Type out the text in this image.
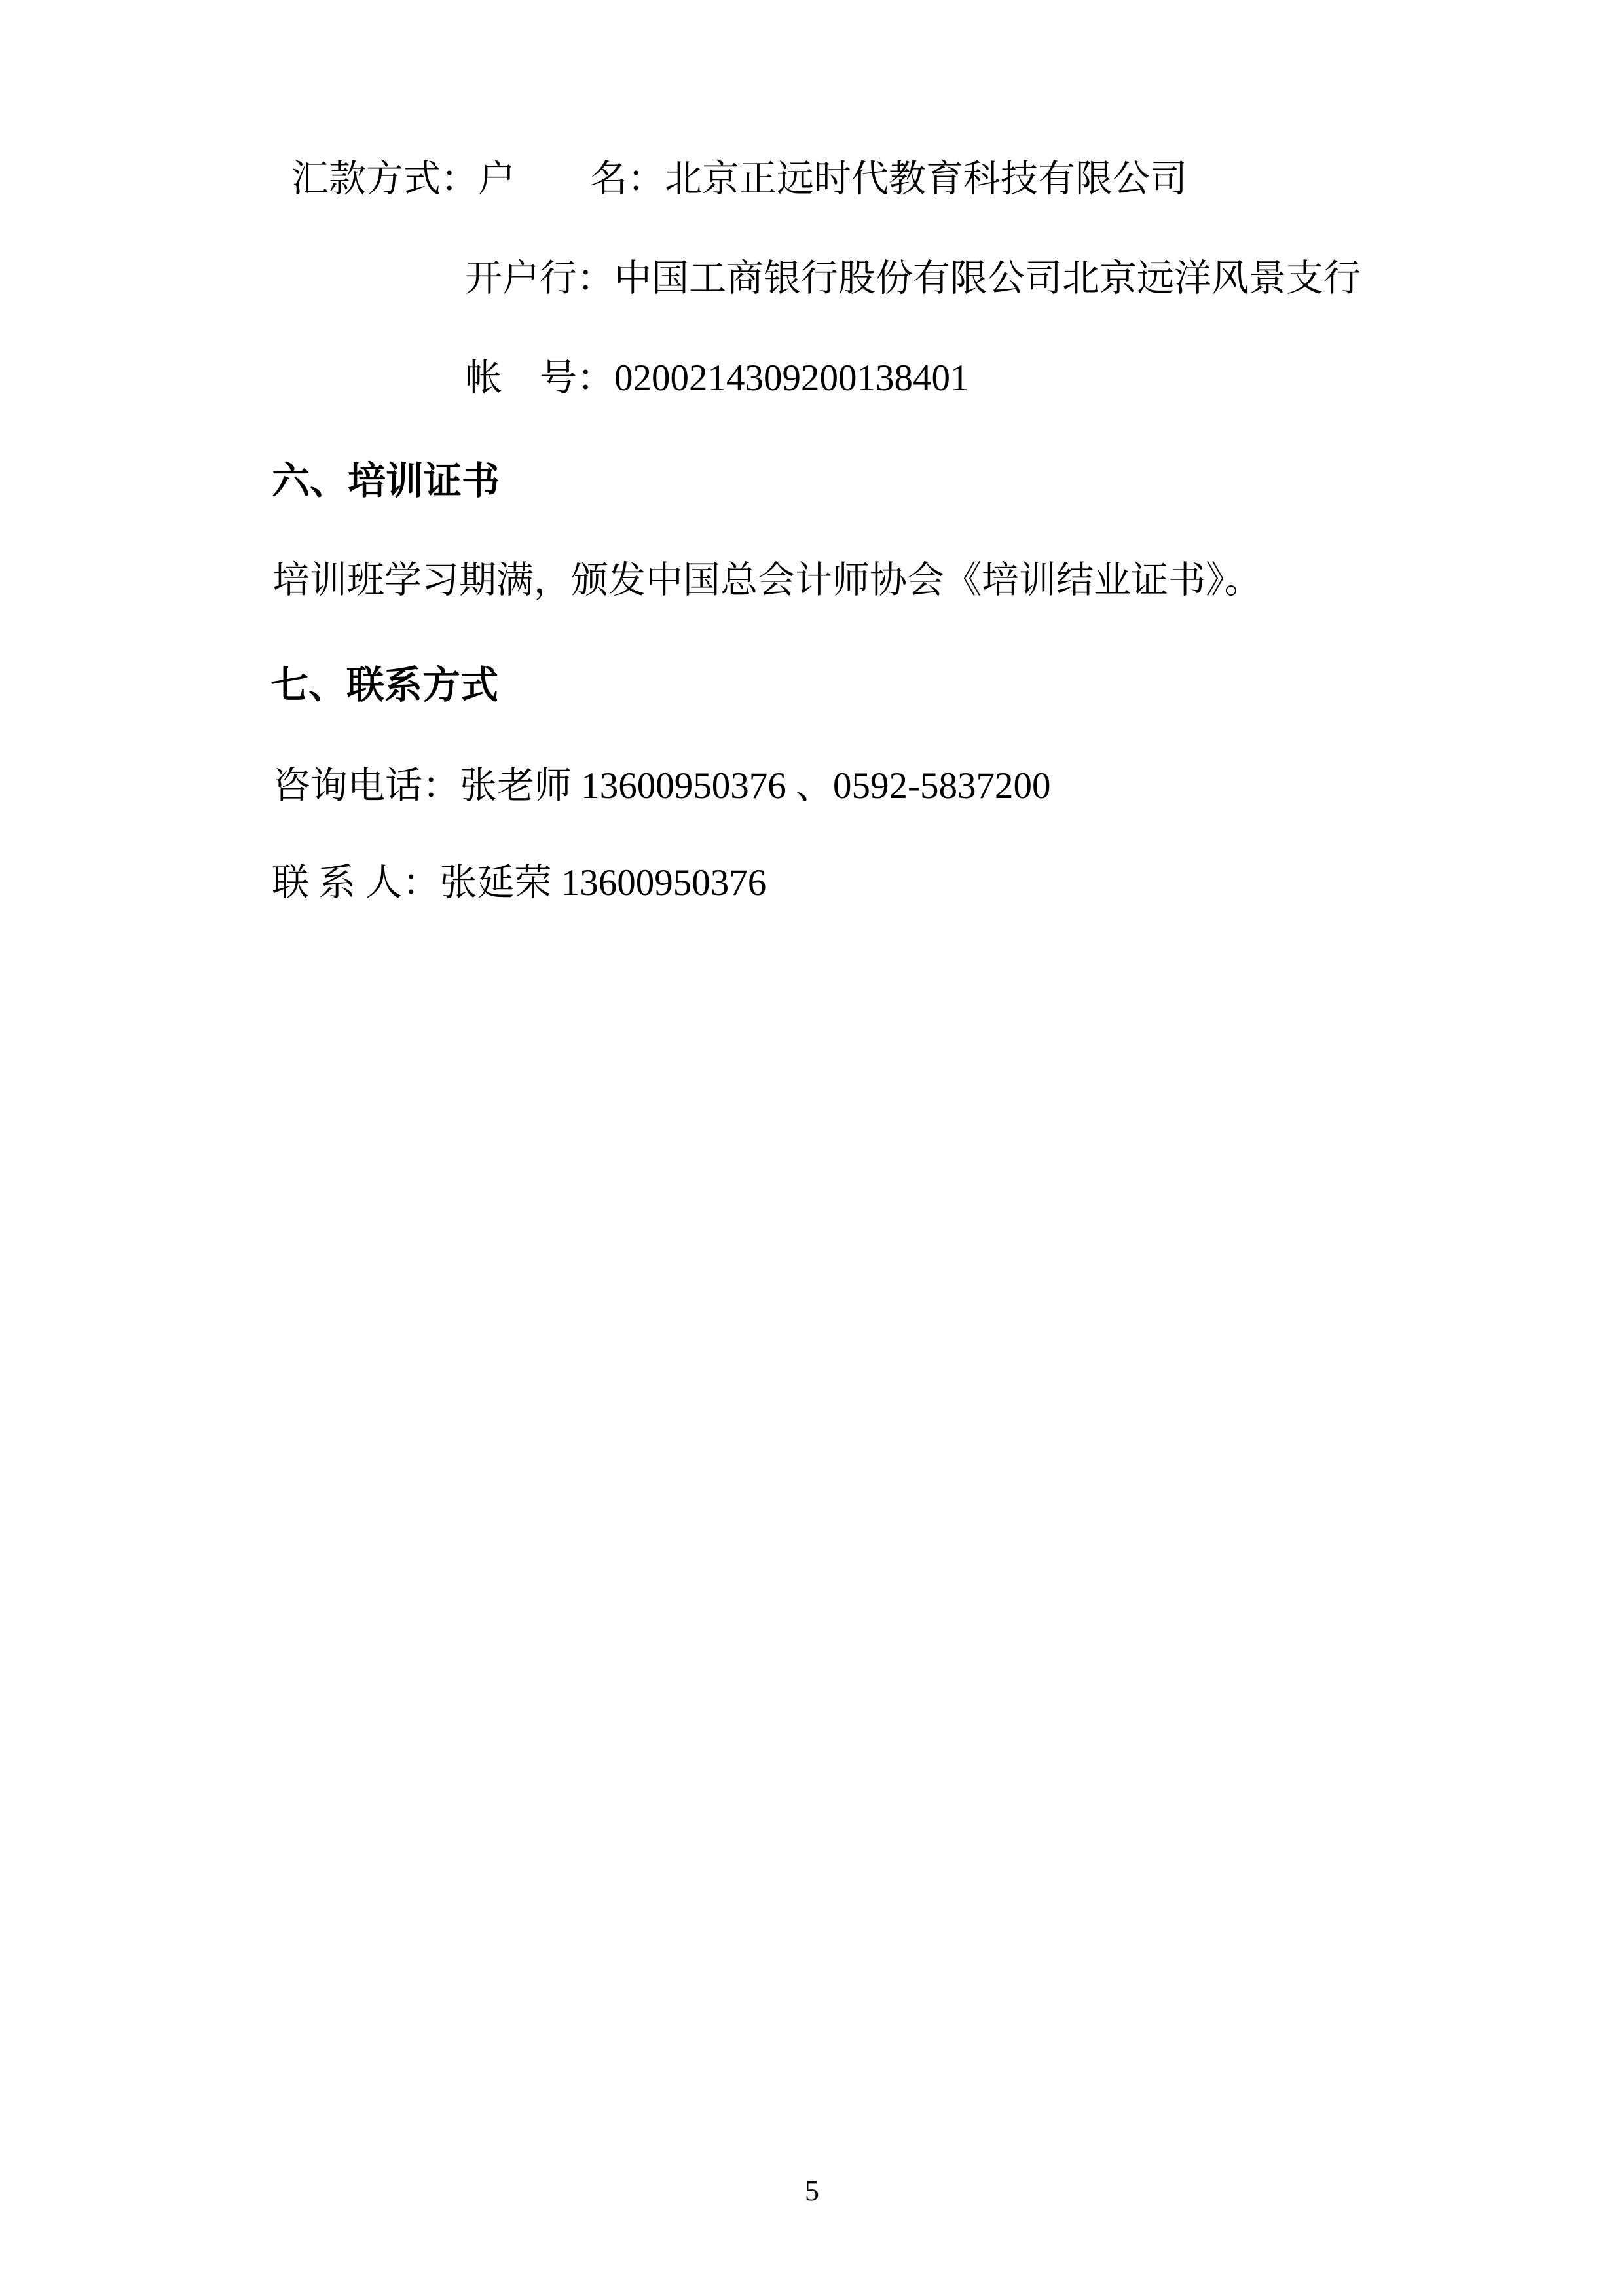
汇款方式：户　　名：北京正远时代教育科技有限公司
开户行：中国工商银行股份有限公司北京远洋风景支行
帐　号：0200214309200138401
六、培训证书
培训班学习期满，颁发中国总会计师协会《培训结业证书》。
七、联系方式
咨询电话：张老师 13600950376 、0592-5837200
联 系 人：张延荣 13600950376
5
